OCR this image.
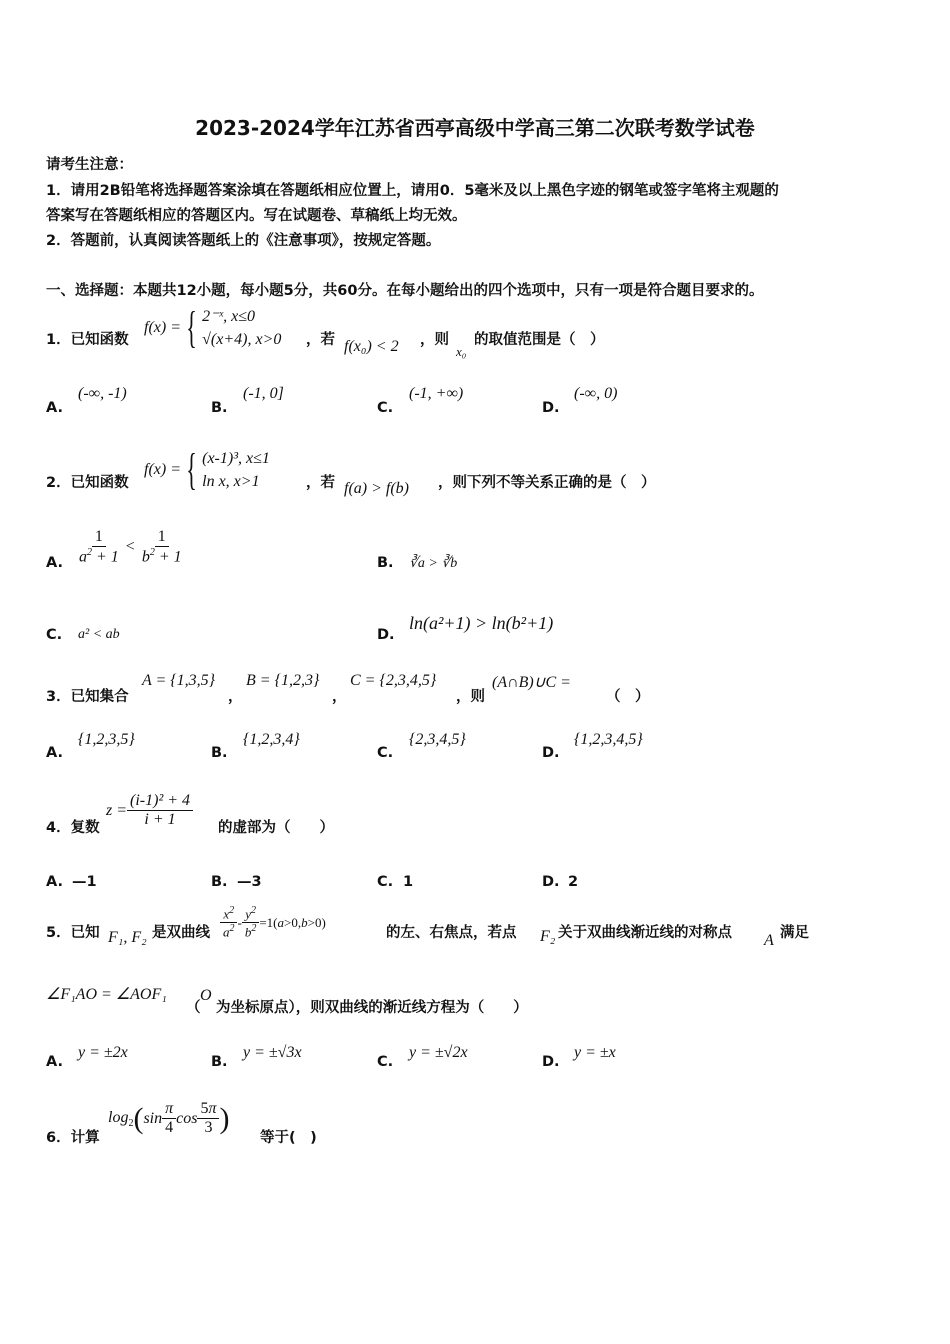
2023-2024学年江苏省西亭高级中学高三第二次联考数学试卷
请考生注意：
1．请用2B铅笔将选择题答案涂填在答题纸相应位置上，请用0．5毫米及以上黑色字迹的钢笔或签字笔将主观题的
答案写在答题纸相应的答题区内。写在试题卷、草稿纸上均无效。
2．答题前，认真阅读答题纸上的《注意事项》，按规定答题。
一、选择题：本题共12小题，每小题5分，共60分。在每小题给出的四个选项中，只有一项是符合题目要求的。
1．已知函数
f(x) = { 2⁻ˣ, x≤0
√(x+4), x>0 ，若 f(x₀) < 2 ，则
x₀
的取值范围是（　）
A.
(-∞, -1)
B.
(-1, 0]
C.
(-1, +∞)
D.
(-∞, 0)
2．已知函数
f(x) = { (x-1)³, x≤1
ln x, x>1	，若 f(a) > f(b) ，则下列不等关系正确的是（　）
A. $\frac{1}{a^2 + 1} < \frac{1}{b^2 + 1}$	B. ∛a > ∛b
C. a² < ab	D.
ln(a²+1) > ln(b²+1)
3．已知集合
A = {1,3,5}
，
B = {1,2,3}
，
C = {2,3,4,5}
，则
(A∩B)∪C =
（　）
A.
{1,2,3,5}
B.
{1,2,3,4}
C.
{2,3,4,5}
D.
{1,2,3,4,5}
4．复数
$z = \frac{\text{(i-1)² + 4}}{i + 1}$ 的虚部为（　　）
A. —1	B. —3	C. 1	D. 2
5．已知 F₁, F₂ 是双曲线 $\frac{x^2}{a^2} - \frac{y^2}{b^2} =1$( a >0, b >0)
的左、右焦点，若点 F₂ 关于双曲线渐近线的对称点 A 满足
∠F₁AO = ∠AOF₁
（
O
为坐标原点），则双曲线的渐近线方程为（　　）
A.
y = ±2x
B.
y = ±√3x
C.
y = ±√2x
D.
y = ±x
6．计算
$\log_2$ ( $\sin \frac{\pi}{4}$ $\cos \frac{5\pi}{3}$ )
等于(　)
